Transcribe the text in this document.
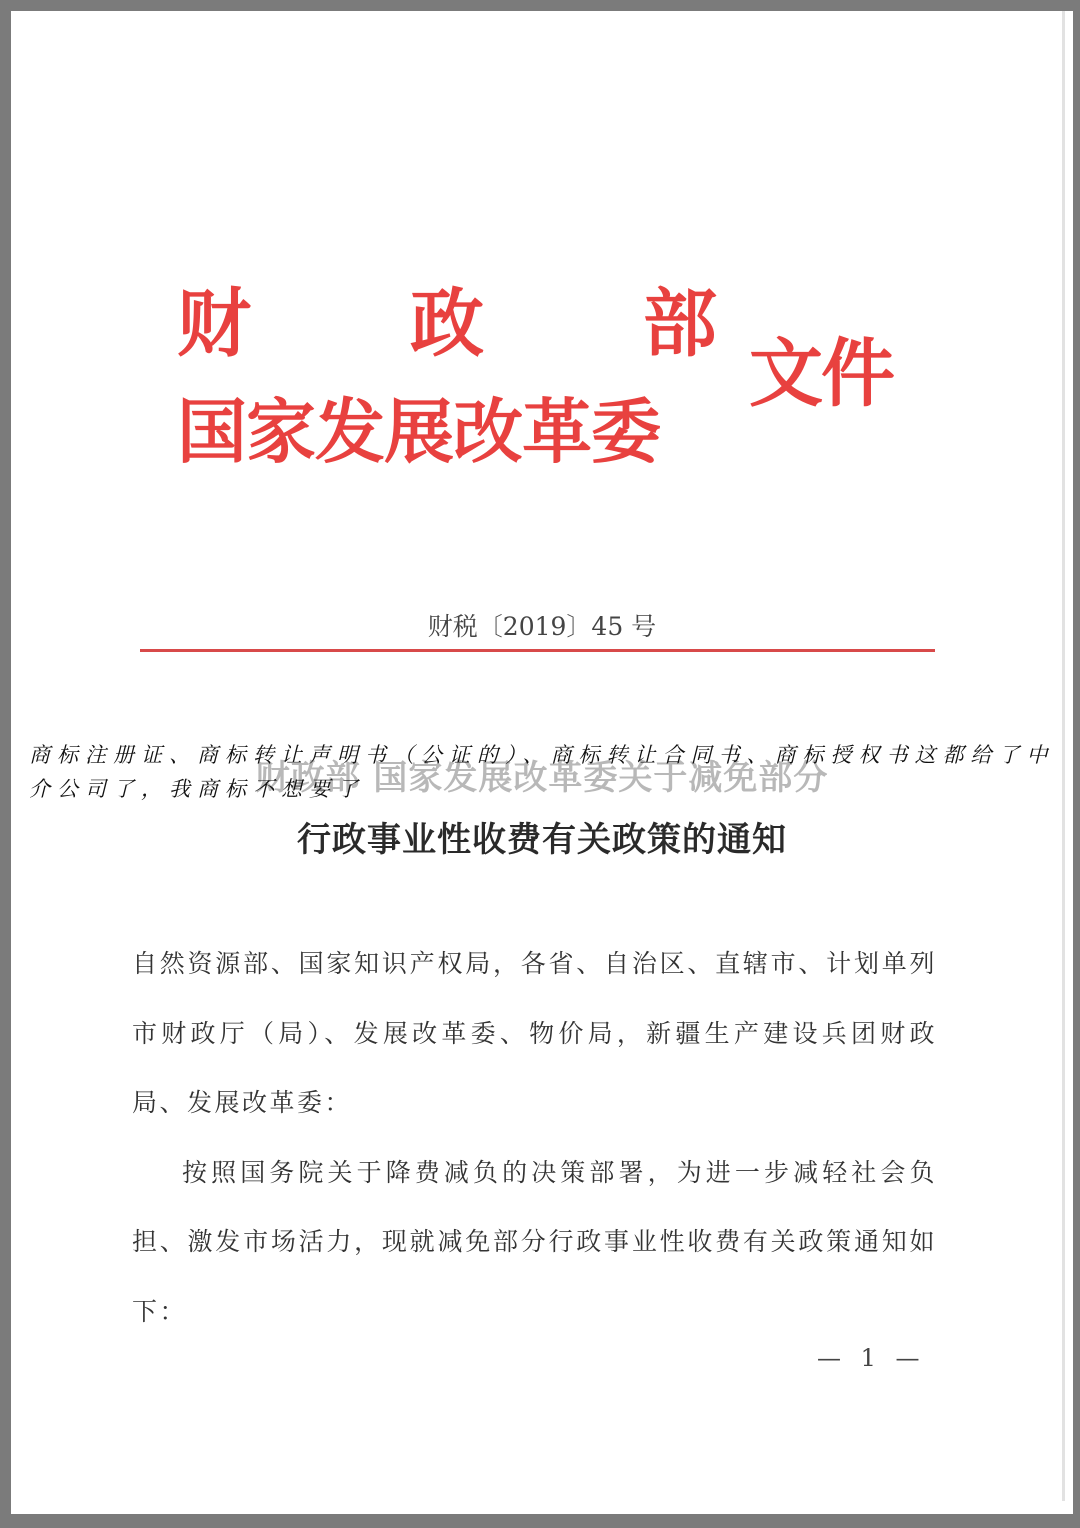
财 政 部
国家发展改革委
文件
财税〔2019〕45 号
财政部 国家发展改革委关于减免部分
行政事业性收费有关政策的通知
商标注册证、商标转让声明书（公证的）、商标转让合同书、商标授权书这都给了中介公司了，我商标不想要了

自然资源部、国家知识产权局，各省、自治区、直辖市、计划单列市财政厅（局）、发展改革委、物价局，新疆生产建设兵团财政局、发展改革委：

按照国务院关于降费减负的决策部署，为进一步减轻社会负担、激发市场活力，现就减免部分行政事业性收费有关政策通知如下：

— 1 —
